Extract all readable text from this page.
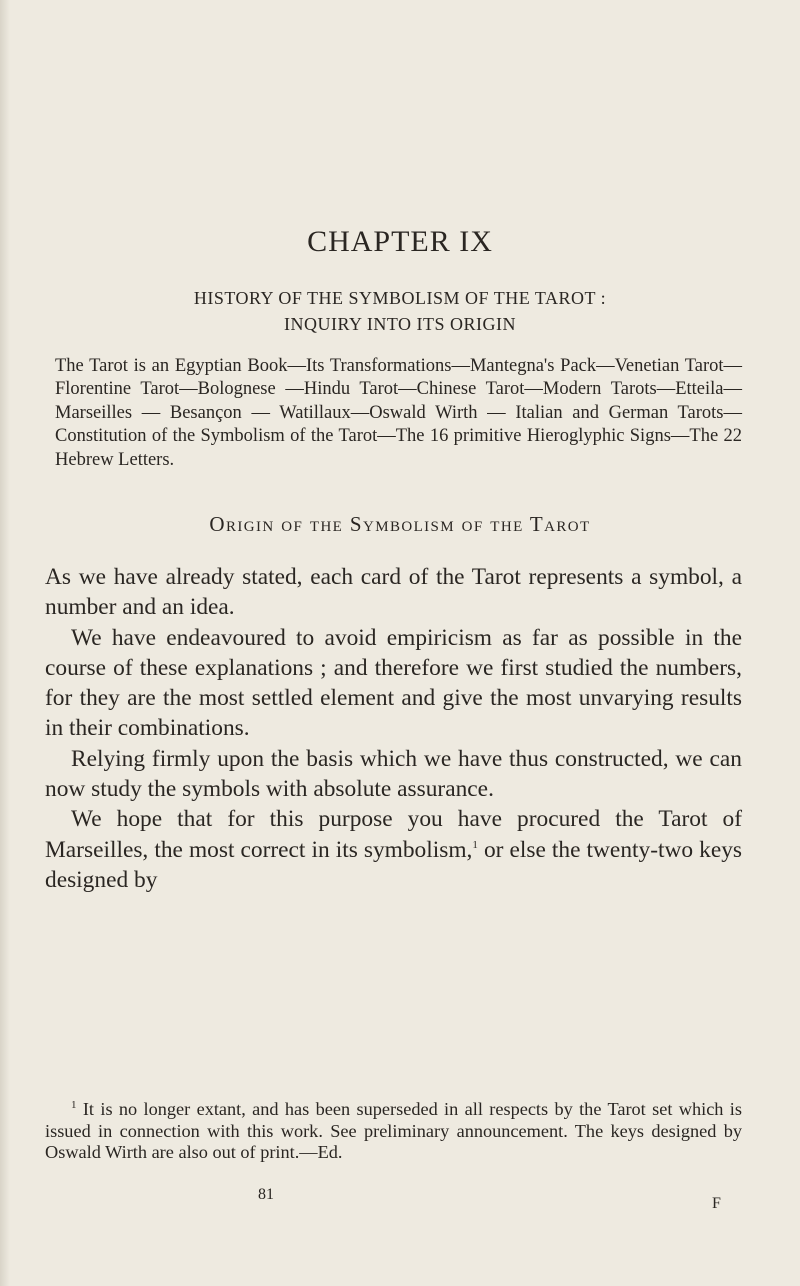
CHAPTER IX
HISTORY OF THE SYMBOLISM OF THE TAROT :
INQUIRY INTO ITS ORIGIN

The Tarot is an Egyptian Book—Its Transformations—Mantegna's Pack—Venetian Tarot—Florentine Tarot—Bolognese —Hindu Tarot—Chinese Tarot—Modern Tarots—Etteila— Marseilles — Besançon — Watillaux—Oswald Wirth — Italian and German Tarots—Constitution of the Symbolism of the Tarot—The 16 primitive Hieroglyphic Signs—The 22 Hebrew Letters.

Origin of the Symbolism of the Tarot

As we have already stated, each card of the Tarot represents a symbol, a number and an idea.

We have endeavoured to avoid empiricism as far as possible in the course of these explanations ; and therefore we first studied the numbers, for they are the most settled element and give the most unvarying results in their combinations.

Relying firmly upon the basis which we have thus constructed, we can now study the symbols with absolute assurance.

We hope that for this purpose you have procured the Tarot of Marseilles, the most correct in its symbolism,$^1$ or else the twenty-two keys designed by

$^1$ It is no longer extant, and has been superseded in all respects by the Tarot set which is issued in connection with this work. See preliminary announcement. The keys designed by Oswald Wirth are also out of print.—Ed.

81

F
